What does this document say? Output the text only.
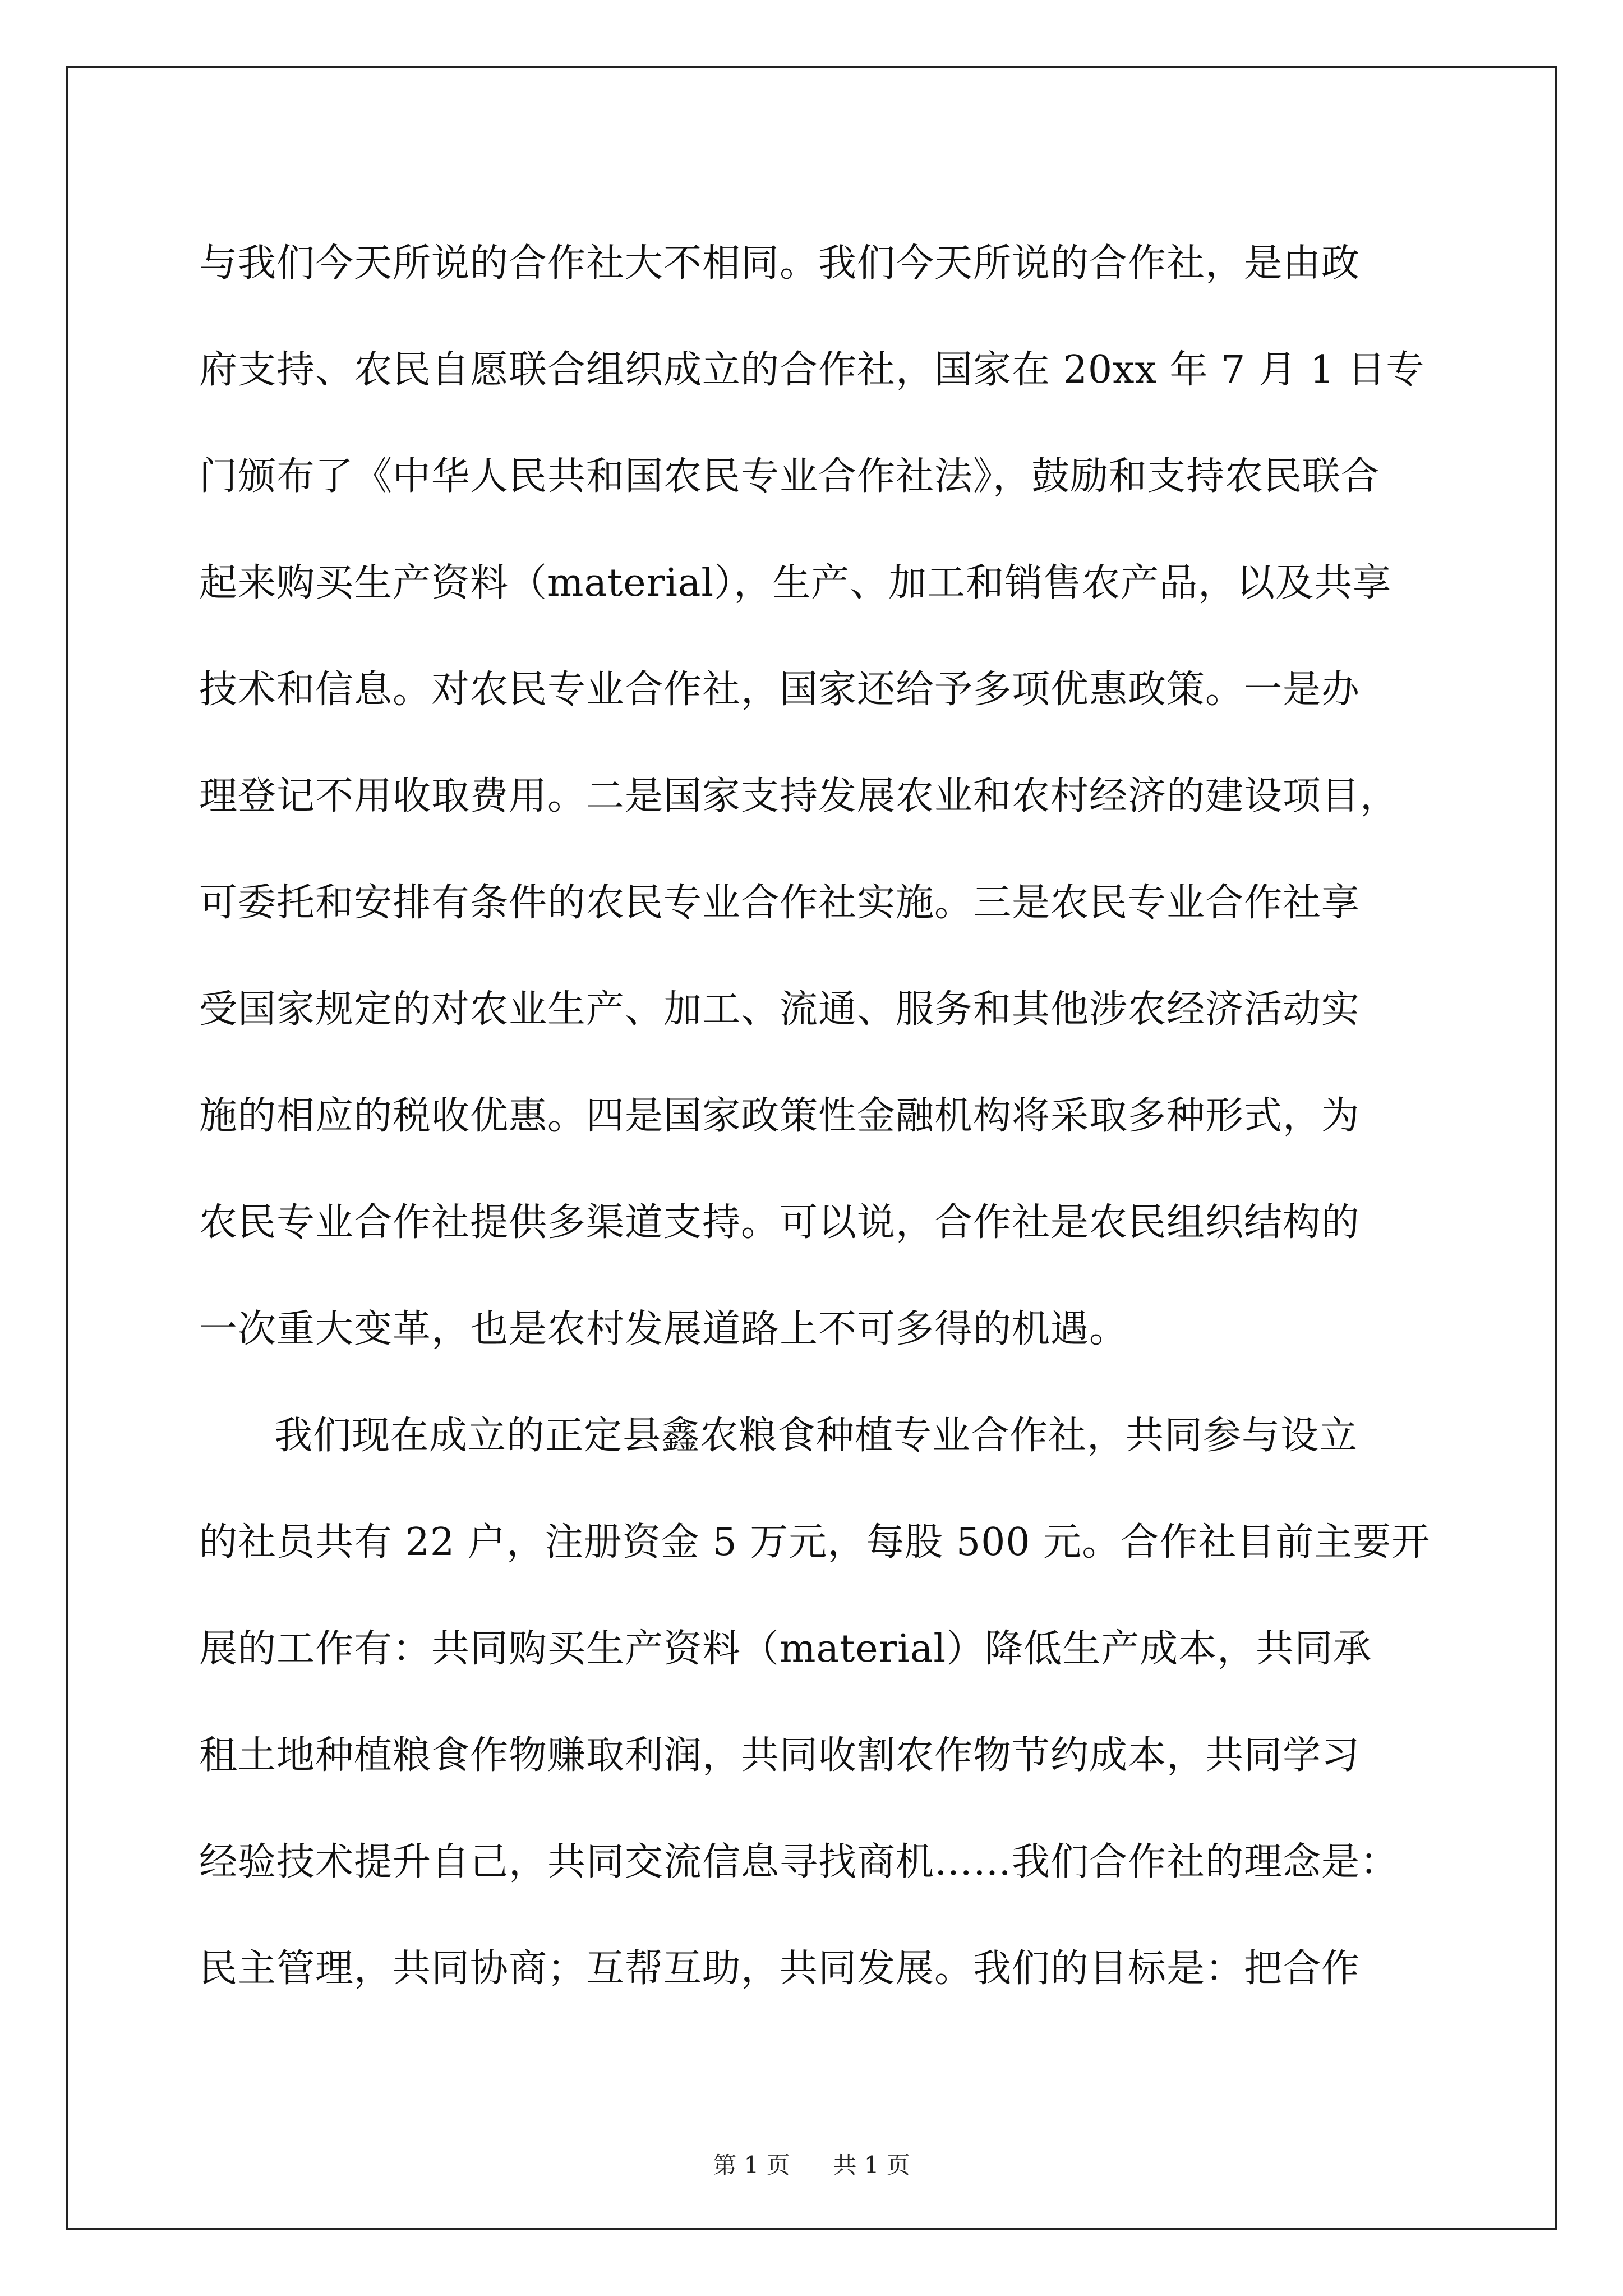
与我们今天所说的合作社大不相同。我们今天所说的合作社，是由政
府支持、农民自愿联合组织成立的合作社，国家在 20xx 年 7 月 1 日专
门颁布了《中华人民共和国农民专业合作社法》，鼓励和支持农民联合
起来购买生产资料（material），生产、加工和销售农产品，以及共享
技术和信息。对农民专业合作社，国家还给予多项优惠政策。一是办
理登记不用收取费用。二是国家支持发展农业和农村经济的建设项目，
可委托和安排有条件的农民专业合作社实施。三是农民专业合作社享
受国家规定的对农业生产、加工、流通、服务和其他涉农经济活动实
施的相应的税收优惠。四是国家政策性金融机构将采取多种形式，为
农民专业合作社提供多渠道支持。可以说，合作社是农民组织结构的
一次重大变革，也是农村发展道路上不可多得的机遇。
我们现在成立的正定县鑫农粮食种植专业合作社，共同参与设立
的社员共有 22 户，注册资金 5 万元，每股 500 元。合作社目前主要开
展的工作有：共同购买生产资料（material）降低生产成本，共同承
租土地种植粮食作物赚取利润，共同收割农作物节约成本，共同学习
经验技术提升自己，共同交流信息寻找商机……我们合作社的理念是：
民主管理，共同协商；互帮互助，共同发展。我们的目标是：把合作
第 1 页 共 1 页
